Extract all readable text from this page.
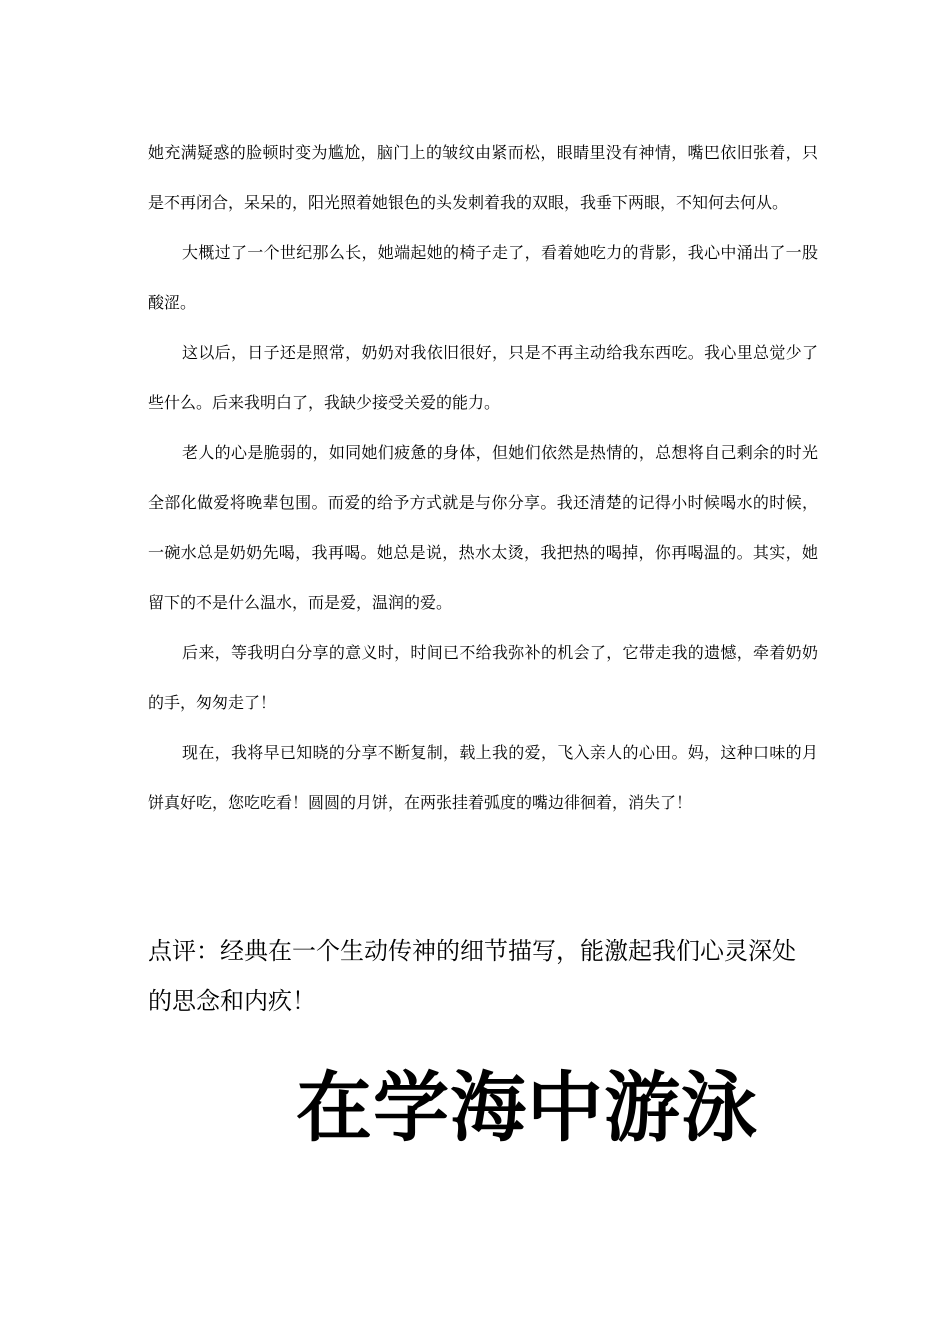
她充满疑惑的脸顿时变为尴尬，脑门上的皱纹由紧而松，眼睛里没有神情，嘴巴依旧张着，只是不再闭合，呆呆的，阳光照着她银色的头发刺着我的双眼，我垂下两眼，不知何去何从。

大概过了一个世纪那么长，她端起她的椅子走了，看着她吃力的背影，我心中涌出了一股酸涩。

这以后，日子还是照常，奶奶对我依旧很好，只是不再主动给我东西吃。我心里总觉少了些什么。后来我明白了，我缺少接受关爱的能力。

老人的心是脆弱的，如同她们疲惫的身体，但她们依然是热情的，总想将自己剩余的时光全部化做爱将晚辈包围。而爱的给予方式就是与你分享。我还清楚的记得小时候喝水的时候，一碗水总是奶奶先喝，我再喝。她总是说，热水太烫，我把热的喝掉，你再喝温的。其实，她留下的不是什么温水，而是爱，温润的爱。

后来，等我明白分享的意义时，时间已不给我弥补的机会了，它带走我的遗憾，牵着奶奶的手，匆匆走了！

现在，我将早已知晓的分享不断复制，载上我的爱，飞入亲人的心田。妈，这种口味的月饼真好吃，您吃吃看！圆圆的月饼，在两张挂着弧度的嘴边徘徊着，消失了！

点评：经典在一个生动传神的细节描写，能激起我们心灵深处的思念和内疚！

在学海中游泳
